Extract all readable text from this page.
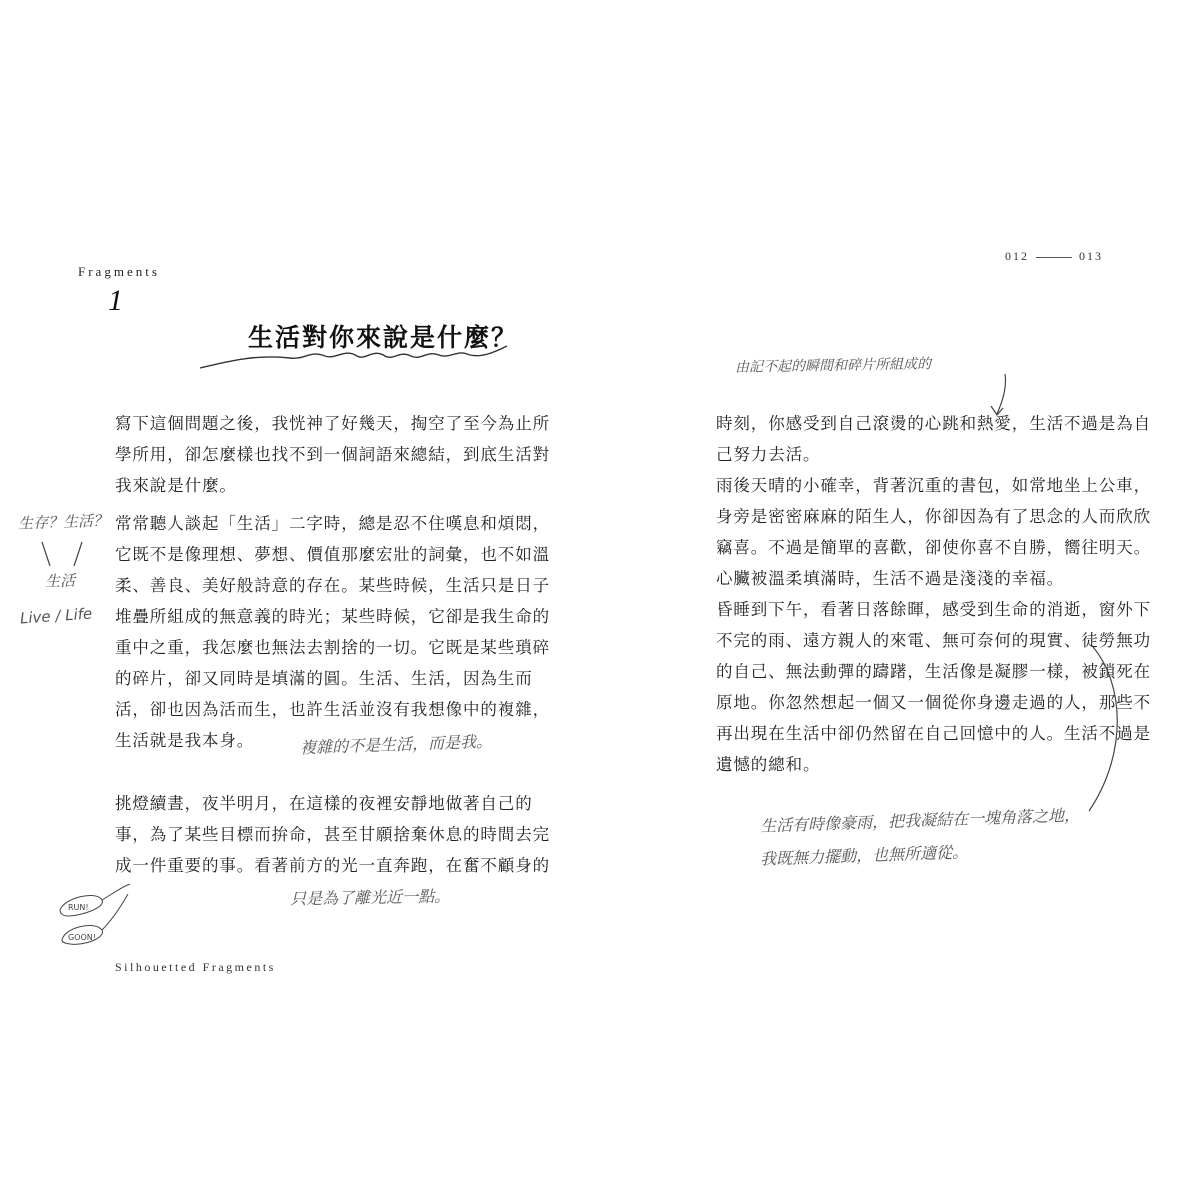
Fragments
1
生活對你來說是什麼？
012	013

寫下這個問題之後，我恍神了好幾天，掏空了至今為止所

學所用，卻怎麼樣也找不到一個詞語來總結，到底生活對

我來說是什麼。

常常聽人談起「生活」二字時，總是忍不住嘆息和煩悶，

它既不是像理想、夢想、價值那麼宏壯的詞彙，也不如溫

柔、善良、美好般詩意的存在。某些時候，生活只是日子

堆疊所組成的無意義的時光；某些時候，它卻是我生命的

重中之重，我怎麼也無法去割捨的一切。它既是某些瑣碎

的碎片，卻又同時是填滿的圓。生活、生活，因為生而

活，卻也因為活而生，也許生活並沒有我想像中的複雜，

生活就是我本身。

挑燈續晝，夜半明月，在這樣的夜裡安靜地做著自己的

事，為了某些目標而拚命，甚至甘願捨棄休息的時間去完

成一件重要的事。看著前方的光一直奔跑，在奮不顧身的

時刻，你感受到自己滾燙的心跳和熱愛，生活不過是為自

己努力去活。

雨後天晴的小確幸，背著沉重的書包，如常地坐上公車，

身旁是密密麻麻的陌生人，你卻因為有了思念的人而欣欣

竊喜。不過是簡單的喜歡，卻使你喜不自勝，嚮往明天。

心臟被溫柔填滿時，生活不過是淺淺的幸福。

昏睡到下午，看著日落餘暉，感受到生命的消逝，窗外下

不完的雨、遠方親人的來電、無可奈何的現實、徒勞無功

的自己、無法動彈的躊躇，生活像是凝膠一樣，被鎖死在

原地。你忽然想起一個又一個從你身邊走過的人，那些不

再出現在生活中卻仍然留在自己回憶中的人。生活不過是

遺憾的總和。

由記不起的瞬間和碎片所組成的
複雜的不是生活，而是我。
只是為了離光近一點。
生活有時像豪雨，把我凝結在一塊角落之地，
我既無力擺動，也無所適從。
生存？生活？
生活
Live / Life
RUN!
GOON!
Silhouetted Fragments
